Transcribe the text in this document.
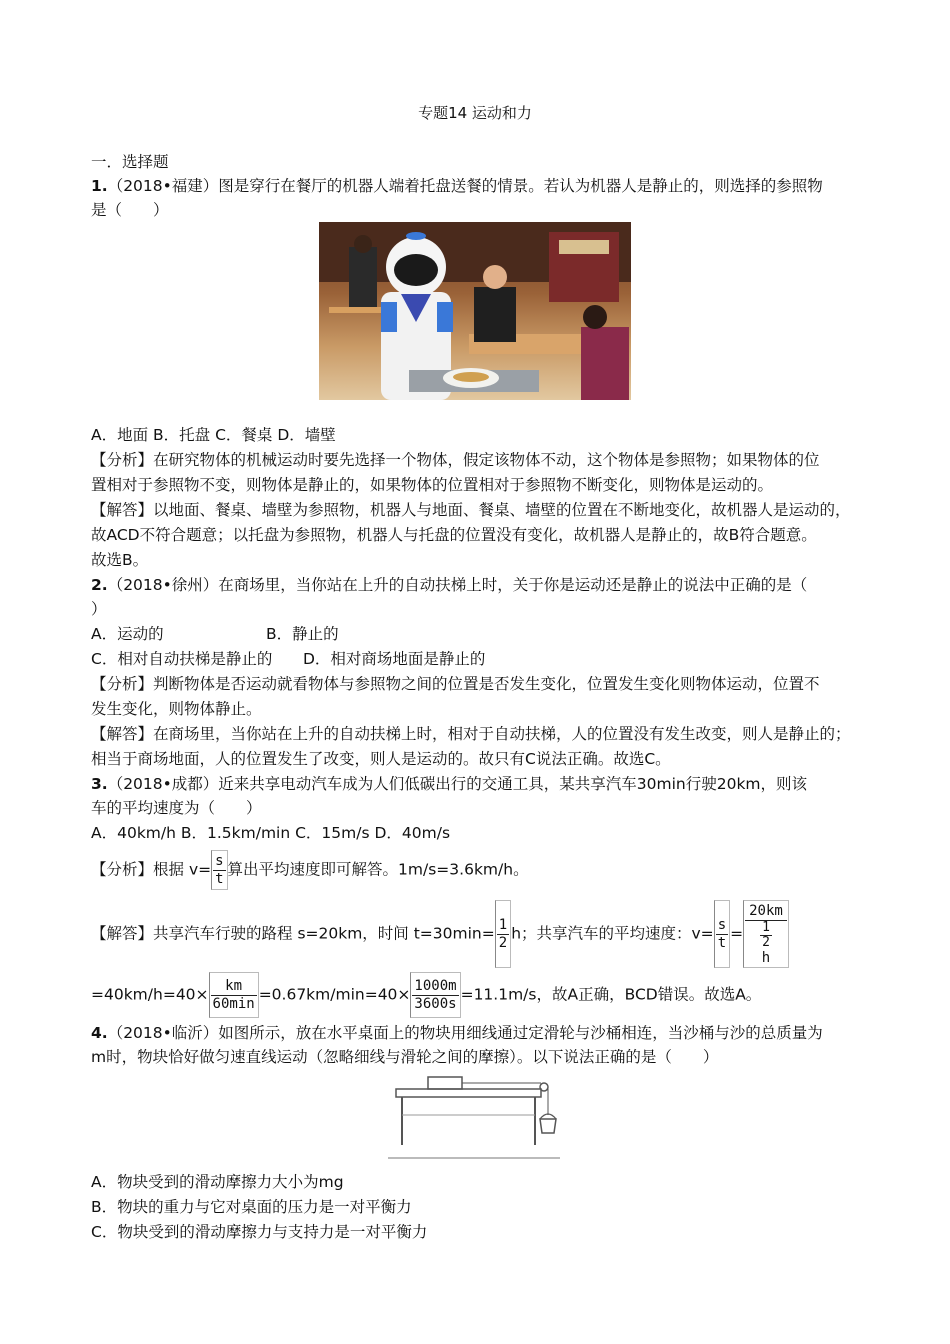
专题14 运动和力
一．选择题
1.（2018•福建）图是穿行在餐厅的机器人端着托盘送餐的情景。若认为机器人是静止的，则选择的参照物
是（　　）
A．地面 B．托盘 C．餐桌 D．墙壁
【分析】在研究物体的机械运动时要先选择一个物体，假定该物体不动，这个物体是参照物；如果物体的位
置相对于参照物不变，则物体是静止的，如果物体的位置相对于参照物不断变化，则物体是运动的。
【解答】以地面、餐桌、墙壁为参照物，机器人与地面、餐桌、墙壁的位置在不断地变化，故机器人是运动的，
故ACD不符合题意；以托盘为参照物，机器人与托盘的位置没有变化，故机器人是静止的，故B符合题意。
故选B。
2.（2018•徐州）在商场里，当你站在上升的自动扶梯上时，关于你是运动还是静止的说法中正确的是（
）
A．运动的	B．静止的
C．相对自动扶梯是静止的 D．相对商场地面是静止的
【分析】判断物体是否运动就看物体与参照物之间的位置是否发生变化，位置发生变化则物体运动，位置不
发生变化，则物体静止。
【解答】在商场里，当你站在上升的自动扶梯上时，相对于自动扶梯，人的位置没有发生改变，则人是静止的；
相当于商场地面，人的位置发生了改变，则人是运动的。故只有C说法正确。故选C。
3.（2018•成都）近来共享电动汽车成为人们低碳出行的交通工具，某共享汽车30min行驶20km，则该
车的平均速度为（　　）
A．40km/h B．1.5km/min C．15m/s D．40m/s
【分析】根据 $v= \frac{s}{t}$ 算出平均速度即可解答。1m/s=3.6km/h。
【解答】共享汽车行驶的路程 s=20km，时间 $t=30\min= \frac{1}{2}$ h；共享汽车的平均速度：$v= \frac{s}{t} = 20km$
$\frac{1}{2}$
h
$=40km/h=40\times \frac{km}{60\min} =0.67km/\min=40\times \frac{1000m}{3600s} =11.1m/s$，故A正确，BCD错误。故选A。
4.（2018•临沂）如图所示，放在水平桌面上的物块用细线通过定滑轮与沙桶相连，当沙桶与沙的总质量为
m时，物块恰好做匀速直线运动（忽略细线与滑轮之间的摩擦）。以下说法正确的是（　　）
A．物块受到的滑动摩擦力大小为mg
B．物块的重力与它对桌面的压力是一对平衡力
C．物块受到的滑动摩擦力与支持力是一对平衡力
